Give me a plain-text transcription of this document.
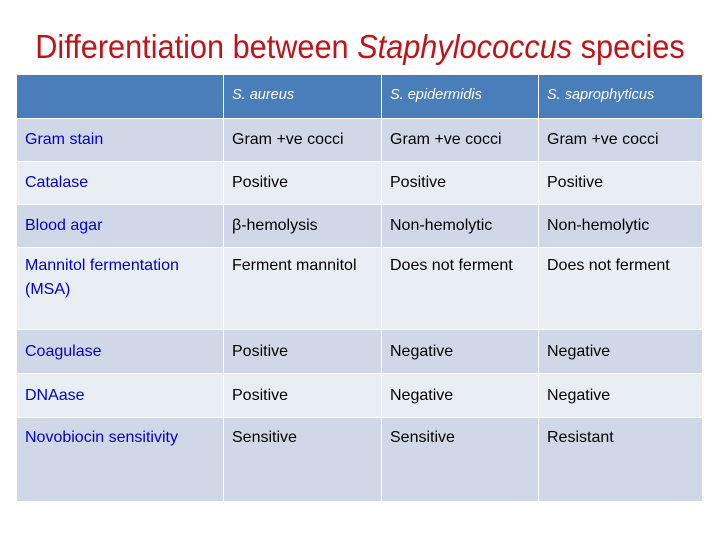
Differentiation between Staphylococcus species
	S. aureus	S. epidermidis	S. saprophyticus
Gram stain	Gram +ve cocci	Gram +ve cocci	Gram +ve cocci
Catalase	Positive	Positive	Positive
Blood agar	β-hemolysis	Non-hemolytic	Non-hemolytic
Mannitol fermentation (MSA)	Ferment mannitol	Does not ferment	Does not ferment
Coagulase	Positive	Negative	Negative
DNAase	Positive	Negative	Negative
Novobiocin sensitivity	Sensitive	Sensitive	Resistant
